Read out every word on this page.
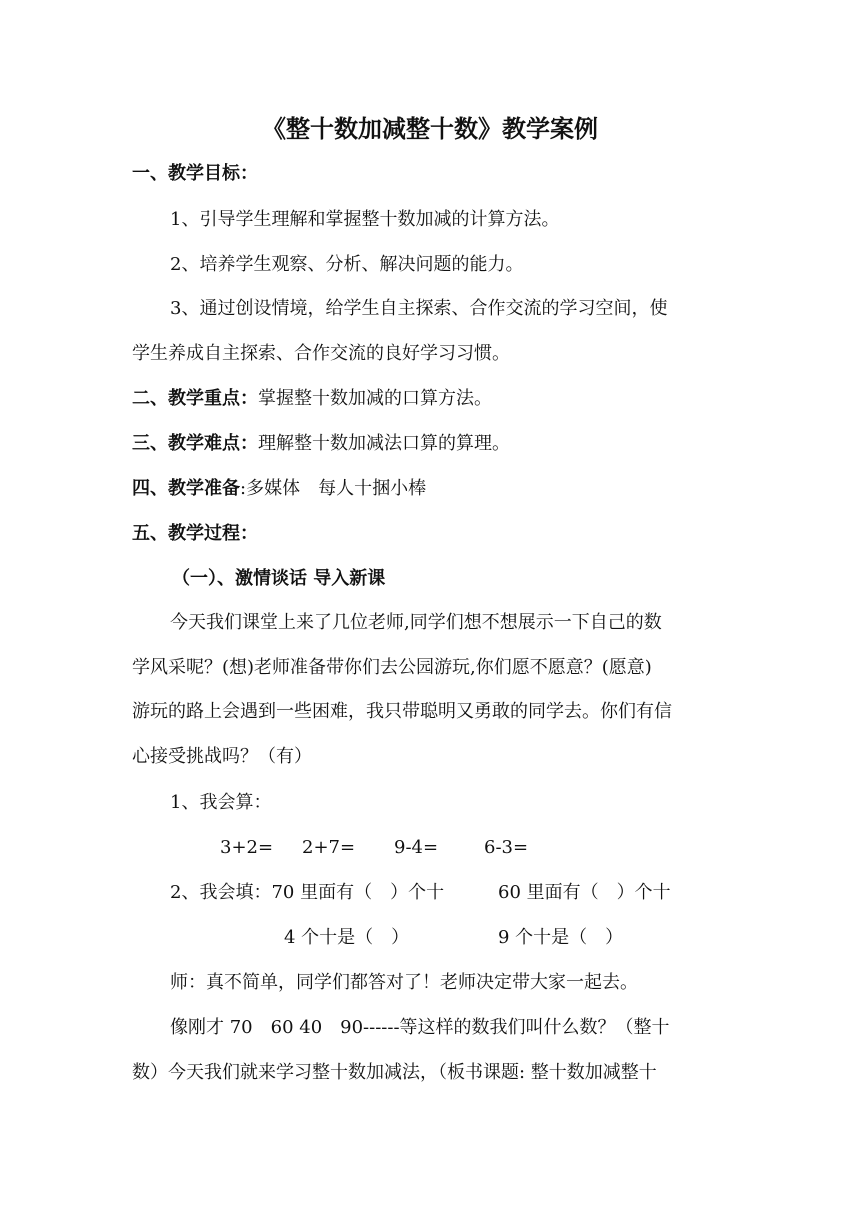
《整十数加减整十数》教学案例
一、教学目标：
1、引导学生理解和掌握整十数加减的计算方法。
2、培养学生观察、分析、解决问题的能力。
3、通过创设情境，给学生自主探索、合作交流的学习空间，使
学生养成自主探索、合作交流的良好学习习惯。
二、教学重点：掌握整十数加减的口算方法。
三、教学难点：理解整十数加减法口算的算理。
四、教学准备:多媒体　每人十捆小棒
五、教学过程：
（一）、激情谈话 导入新课
今天我们课堂上来了几位老师,同学们想不想展示一下自己的数
学风采呢？(想)老师准备带你们去公园游玩,你们愿不愿意？(愿意)
游玩的路上会遇到一些困难，我只带聪明又勇敢的同学去。你们有信
心接受挑战吗？（有）
1、我会算：
3+2= 2+7= 9-4=	6-3=
2、我会填：70 里面有（　）个十	60 里面有（　）个十
4 个十是（　）	9 个十是（　）
师：真不简单，同学们都答对了！老师决定带大家一起去。
像刚才 70　60 40　90------等这样的数我们叫什么数？（整十
数）今天我们就来学习整十数加减法，（板书课题: 整十数加减整十
